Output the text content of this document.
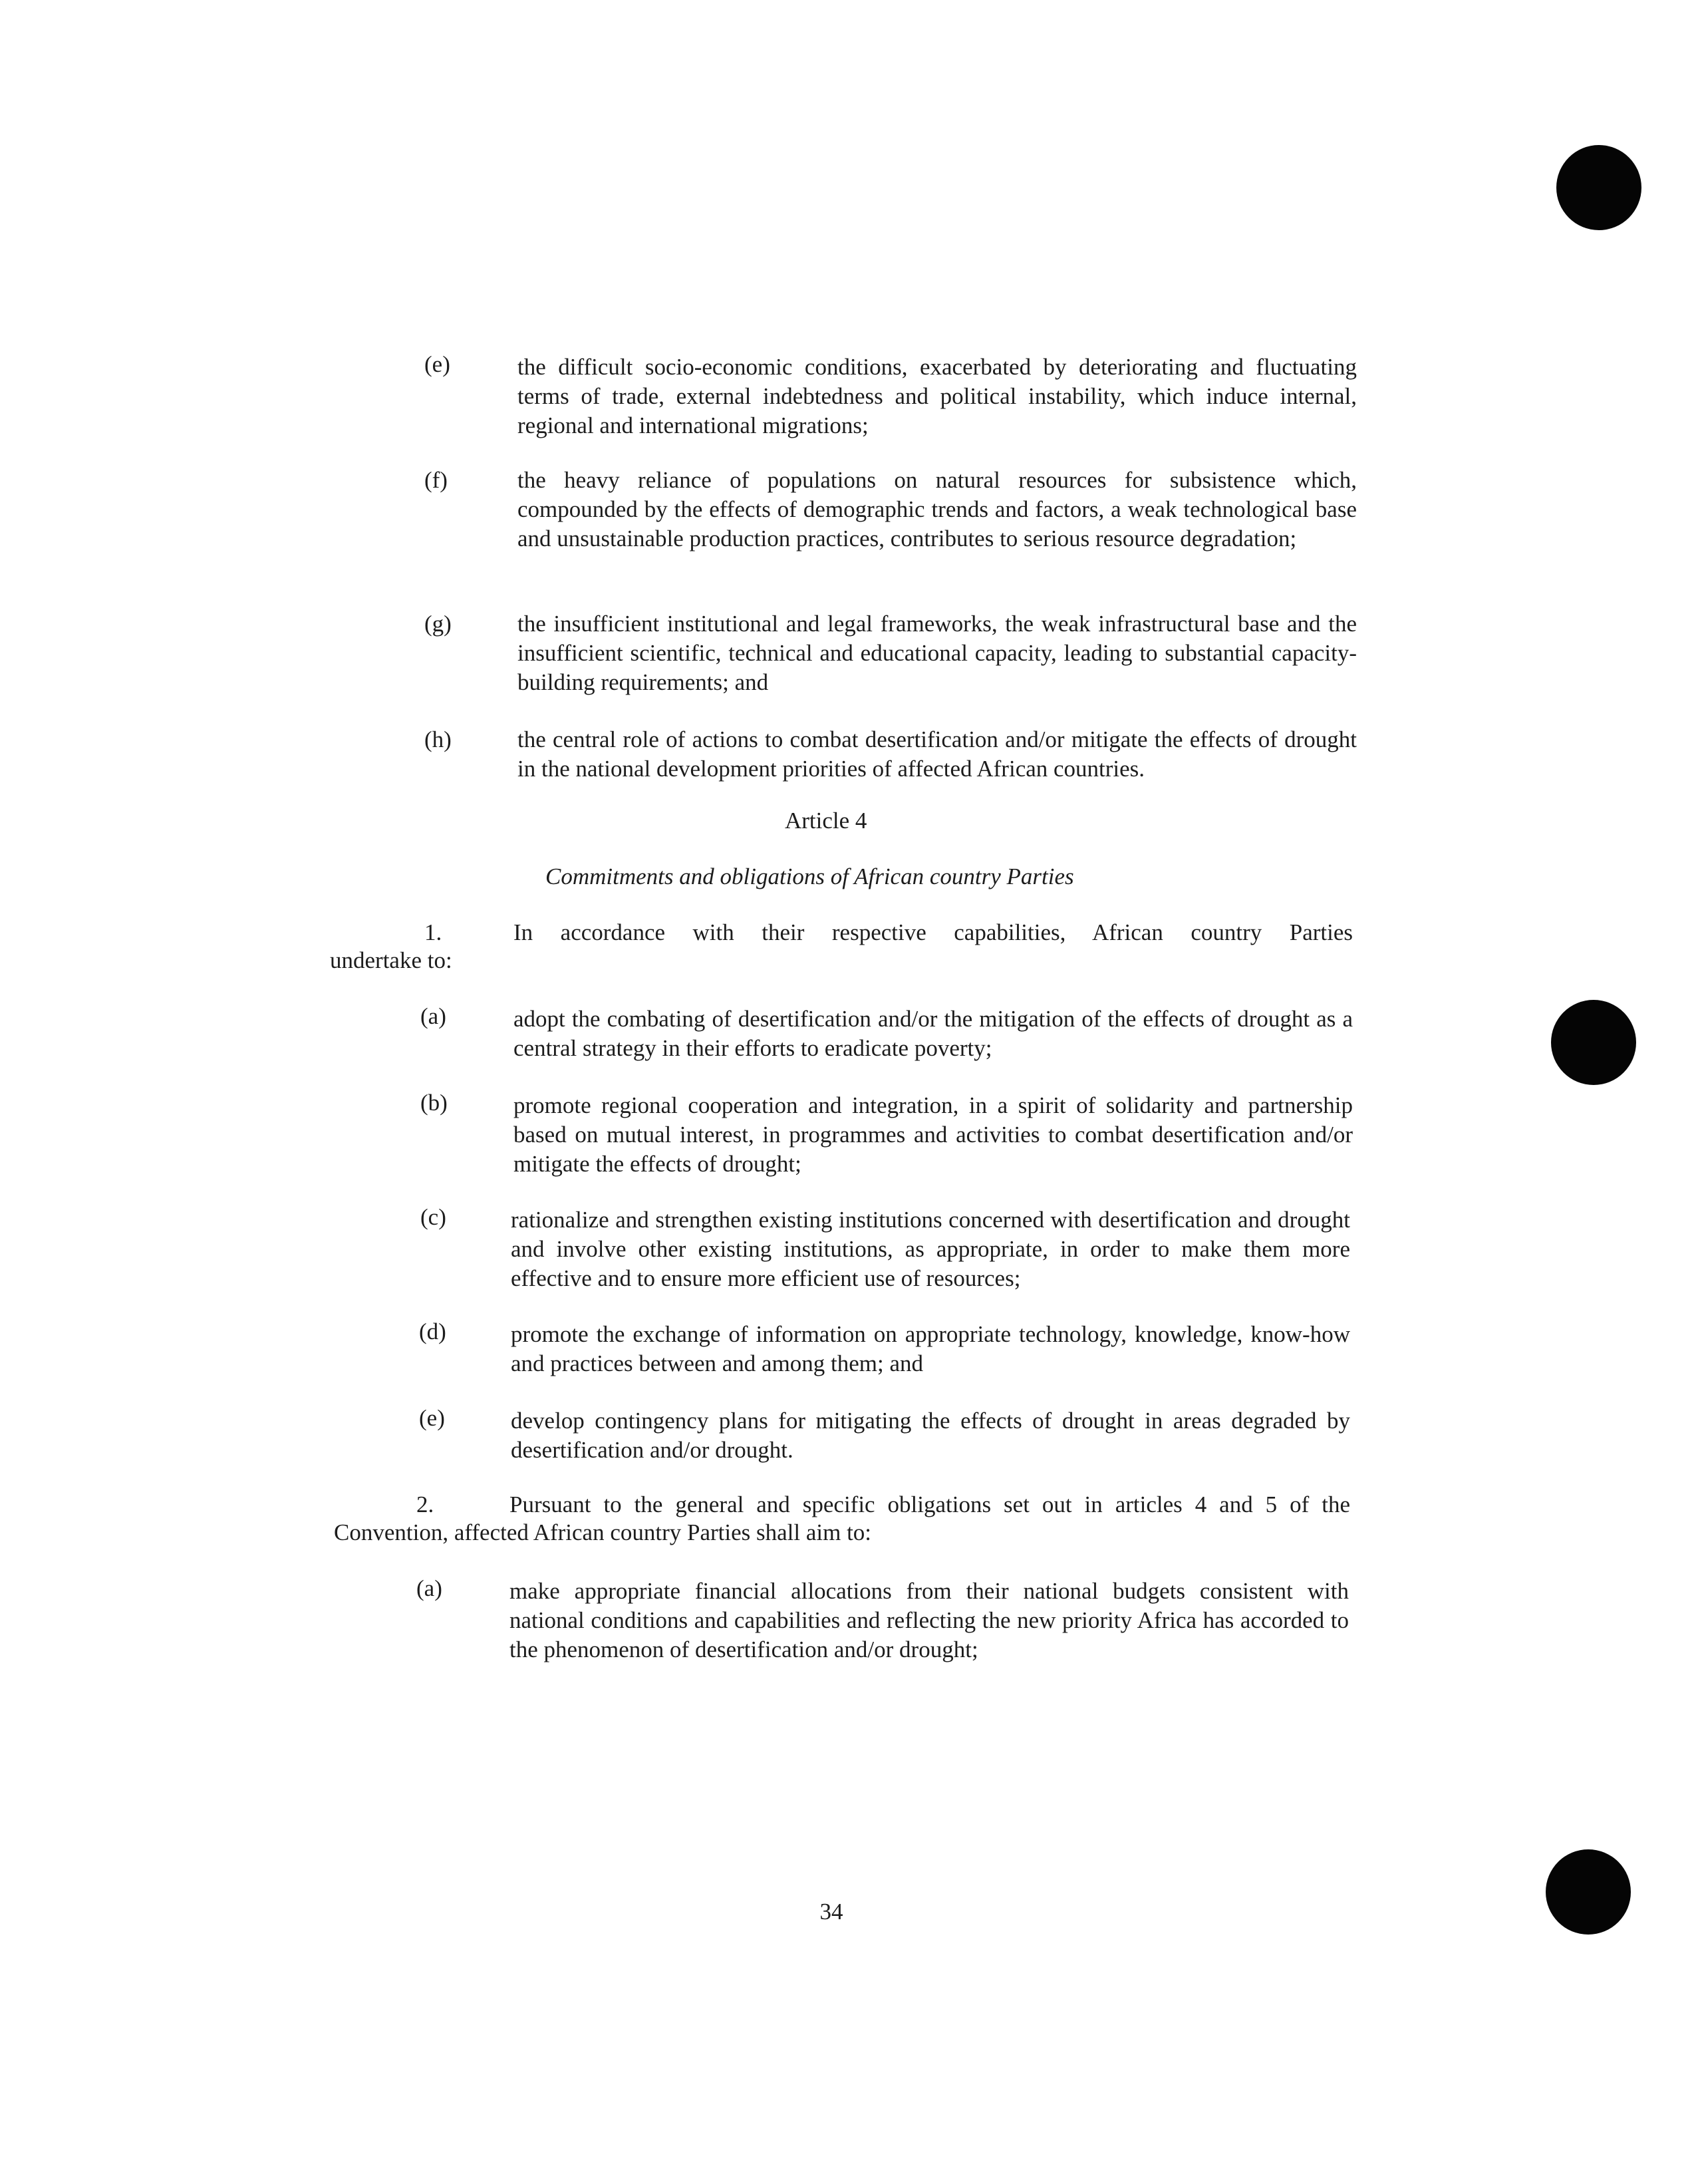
(e)	the difficult socio-economic conditions, exacerbated by deteriorating and fluctuating terms of trade, external indebtedness and political instability, which induce internal, regional and international migrations;
(f)	the heavy reliance of populations on natural resources for subsistence which, compounded by the effects of demographic trends and factors, a weak technological base and unsustainable production practices, contributes to serious resource degradation;
(g)	the insufficient institutional and legal frameworks, the weak infrastructural base and the insufficient scientific, technical and educational capacity, leading to substantial capacity-building requirements; and
(h)	the central role of actions to combat desertification and/or mitigate the effects of drought in the national development priorities of affected African countries.
Article 4
Commitments and obligations of African country Parties
1.	In accordance with their respective capabilities, African country Parties
undertake to:
(a)	adopt the combating of desertification and/or the mitigation of the effects of drought as a central strategy in their efforts to eradicate poverty;
(b)	promote regional cooperation and integration, in a spirit of solidarity and partnership based on mutual interest, in programmes and activities to combat desertification and/or mitigate the effects of drought;
(c)	rationalize and strengthen existing institutions concerned with desertification and drought and involve other existing institutions, as appropriate, in order to make them more effective and to ensure more efficient use of resources;
(d)	promote the exchange of information on appropriate technology, knowledge, know-how and practices between and among them; and
(e)	develop contingency plans for mitigating the effects of drought in areas degraded by desertification and/or drought.
2.	Pursuant to the general and specific obligations set out in articles 4 and 5 of the
Convention, affected African country Parties shall aim to:
(a)	make appropriate financial allocations from their national budgets consistent with national conditions and capabilities and reflecting the new priority Africa has accorded to the phenomenon of desertification and/or drought;
34
